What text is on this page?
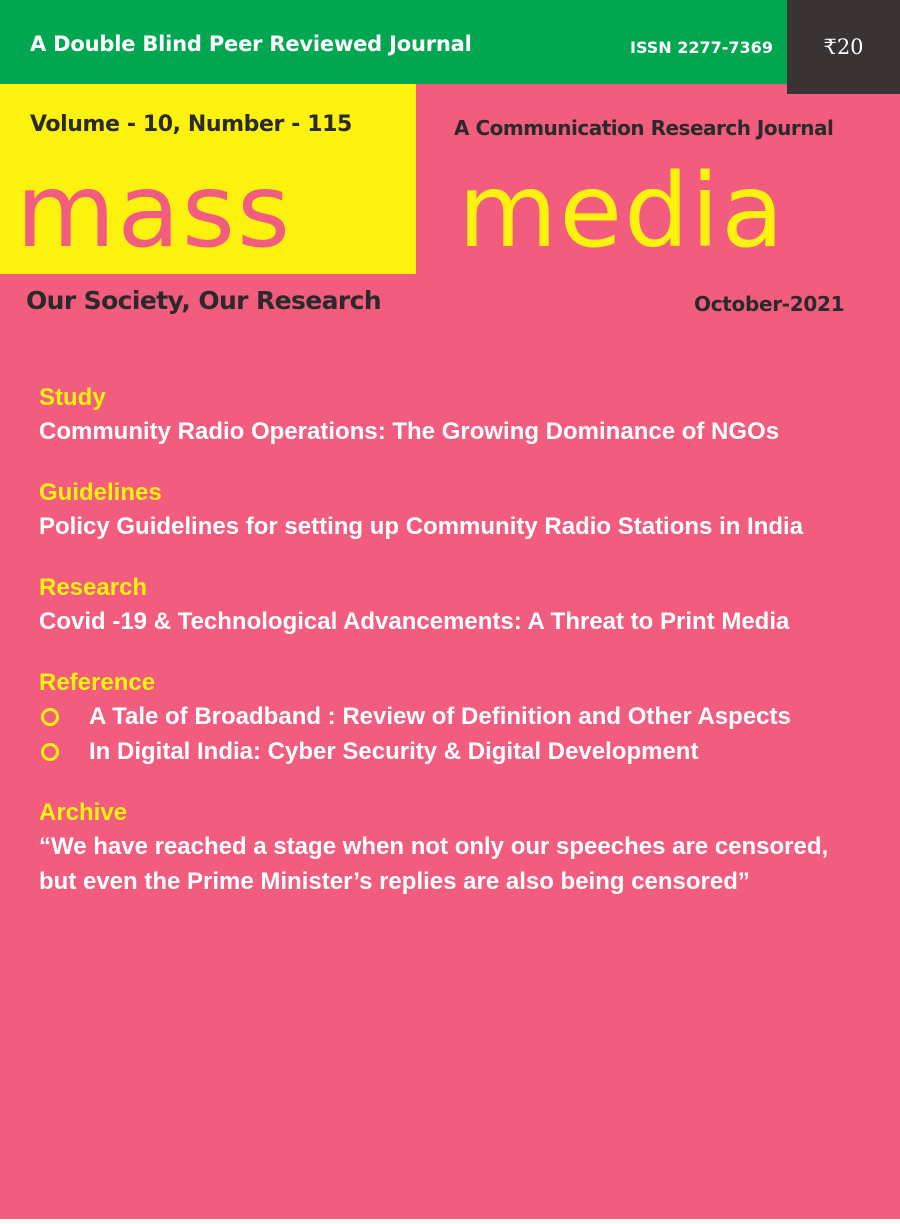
A Double Blind Peer Reviewed Journal	ISSN 2277-7369 ₹20
Volume - 10, Number - 115	A Communication Research Journal
mass media
Our Society, Our Research	October-2021
Study
Community Radio Operations: The Growing Dominance of NGOs
Guidelines
Policy Guidelines for setting up Community Radio Stations in India
Research
Covid -19 & Technological Advancements: A Threat to Print Media
Reference
A Tale of Broadband : Review of Definition and Other Aspects
In Digital India: Cyber Security & Digital Development
Archive
“We have reached a stage when not only our speeches are censored, but even the Prime Minister’s replies are also being censored”
